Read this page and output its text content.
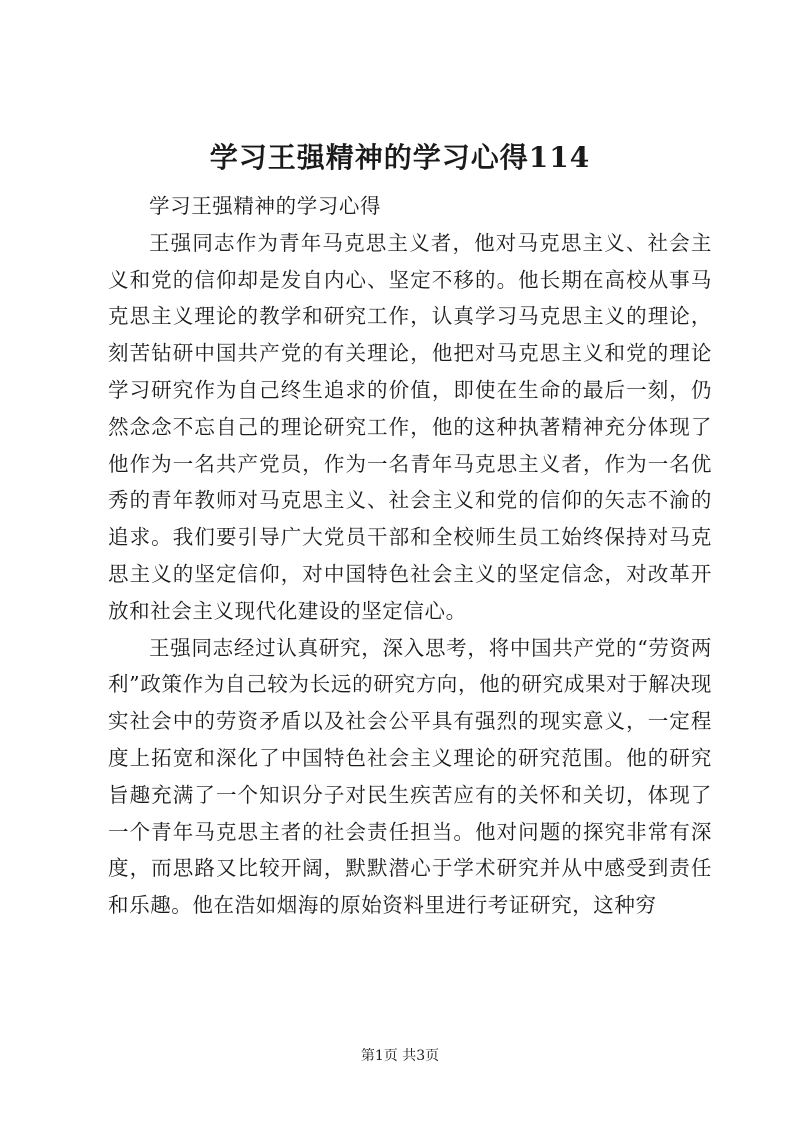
学习王强精神的学习心得114

学习王强精神的学习心得

王强同志作为青年马克思主义者，他对马克思主义、社会主义和党的信仰却是发自内心、坚定不移的。他长期在高校从事马克思主义理论的教学和研究工作，认真学习马克思主义的理论，刻苦钻研中国共产党的有关理论，他把对马克思主义和党的理论学习研究作为自己终生追求的价值，即使在生命的最后一刻，仍然念念不忘自己的理论研究工作，他的这种执著精神充分体现了他作为一名共产党员，作为一名青年马克思主义者，作为一名优秀的青年教师对马克思主义、社会主义和党的信仰的矢志不渝的追求。我们要引导广大党员干部和全校师生员工始终保持对马克思主义的坚定信仰，对中国特色社会主义的坚定信念，对改革开放和社会主义现代化建设的坚定信心。

王强同志经过认真研究，深入思考，将中国共产党的“劳资两利”政策作为自己较为长远的研究方向，他的研究成果对于解决现实社会中的劳资矛盾以及社会公平具有强烈的现实意义，一定程度上拓宽和深化了中国特色社会主义理论的研究范围。他的研究旨趣充满了一个知识分子对民生疾苦应有的关怀和关切，体现了一个青年马克思主者的社会责任担当。他对问题的探究非常有深度，而思路又比较开阔，默默潜心于学术研究并从中感受到责任和乐趣。他在浩如烟海的原始资料里进行考证研究，这种穷

第1页 共3页
